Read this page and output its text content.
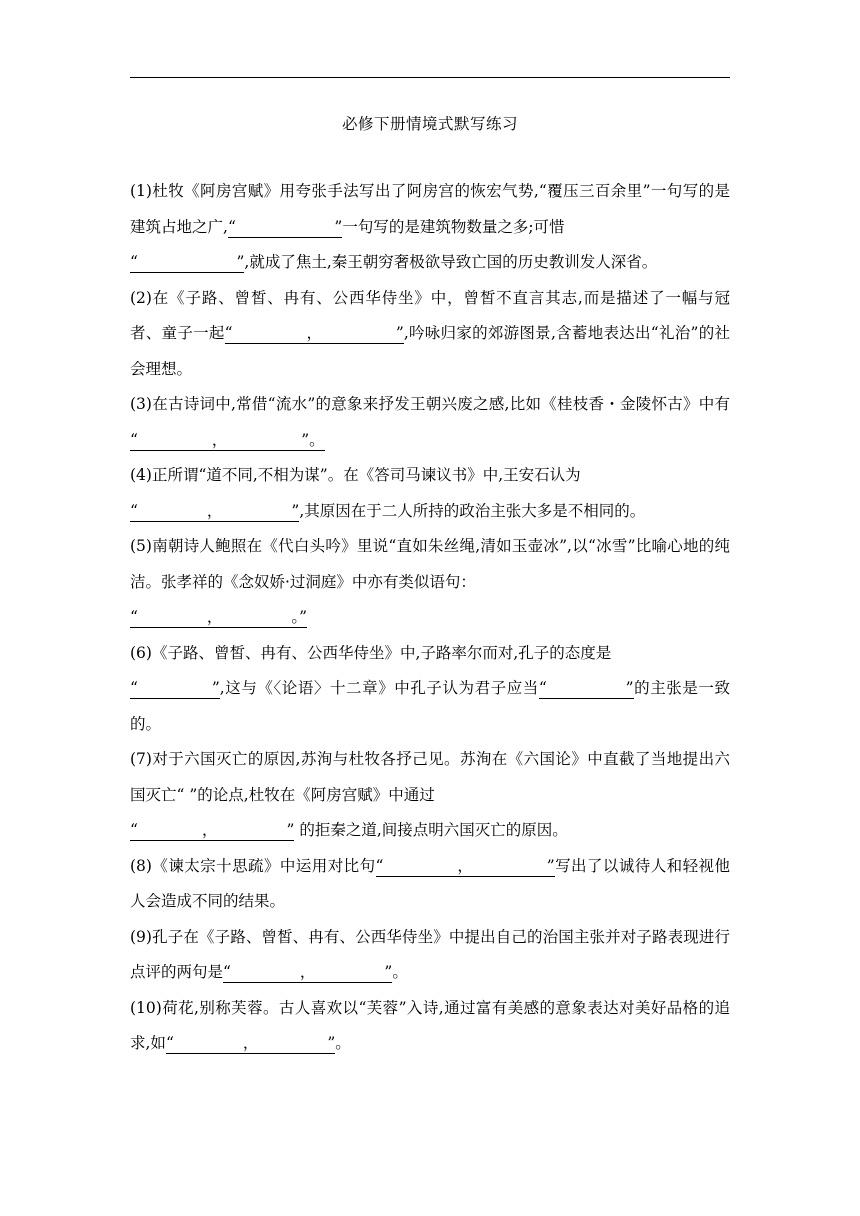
必修下册情境式默写练习

(1)杜牧《阿房宫赋》用夸张手法写出了阿房宫的恢宏气势,“覆压三百余里”一句写的是建筑占地之广,“                    ”一句写的是建筑物数量之多;可惜
“                    ”,就成了焦土,秦王朝穷奢极欲导致亡国的历史教训发人深省。

(2)在《子路、曾皙、冉有、公西华侍坐》中，曾皙不直言其志,而是描述了一幅与冠者、童子一起“               ，               ”,吟咏归家的郊游图景,含蓄地表达出“礼治”的社会理想。

(3)在古诗词中,常借“流水”的意象来抒发王朝兴废之感,比如《桂枝香・金陵怀古》中有“               ，               ”。

(4)正所谓“道不同,不相为谋”。在《答司马谏议书》中,王安石认为
“              ，              ”,其原因在于二人所持的政治主张大多是不相同的。

(5)南朝诗人鲍照在《代白头吟》里说“直如朱丝绳,清如玉壶冰”,以“冰雪”比喻心地的纯洁。张孝祥的《念奴娇·过洞庭》中亦有类似语句：
“              ，              。”

(6)《子路、曾皙、冉有、公西华侍坐》中,子路率尔而对,孔子的态度是
“               ”,这与《〈论语〉十二章》中孔子认为君子应当“                ”的主张是一致的。

(7)对于六国灭亡的原因,苏洵与杜牧各抒己见。苏洵在《六国论》中直截了当地提出六国灭亡“ ”的论点,杜牧在《阿房宫赋》中通过
“             ，              ” 的拒秦之道,间接点明六国灭亡的原因。

(8)《谏太宗十思疏》中运用对比句“               ，               ”写出了以诚待人和轻视他人会造成不同的结果。

(9)孔子在《子路、曾皙、冉有、公西华侍坐》中提出自己的治国主张并对子路表现进行点评的两句是“              ，              ”。

(10)荷花,别称芙蓉。古人喜欢以“芙蓉”入诗,通过富有美感的意象表达对美好品格的追求,如“              ，              ”。
